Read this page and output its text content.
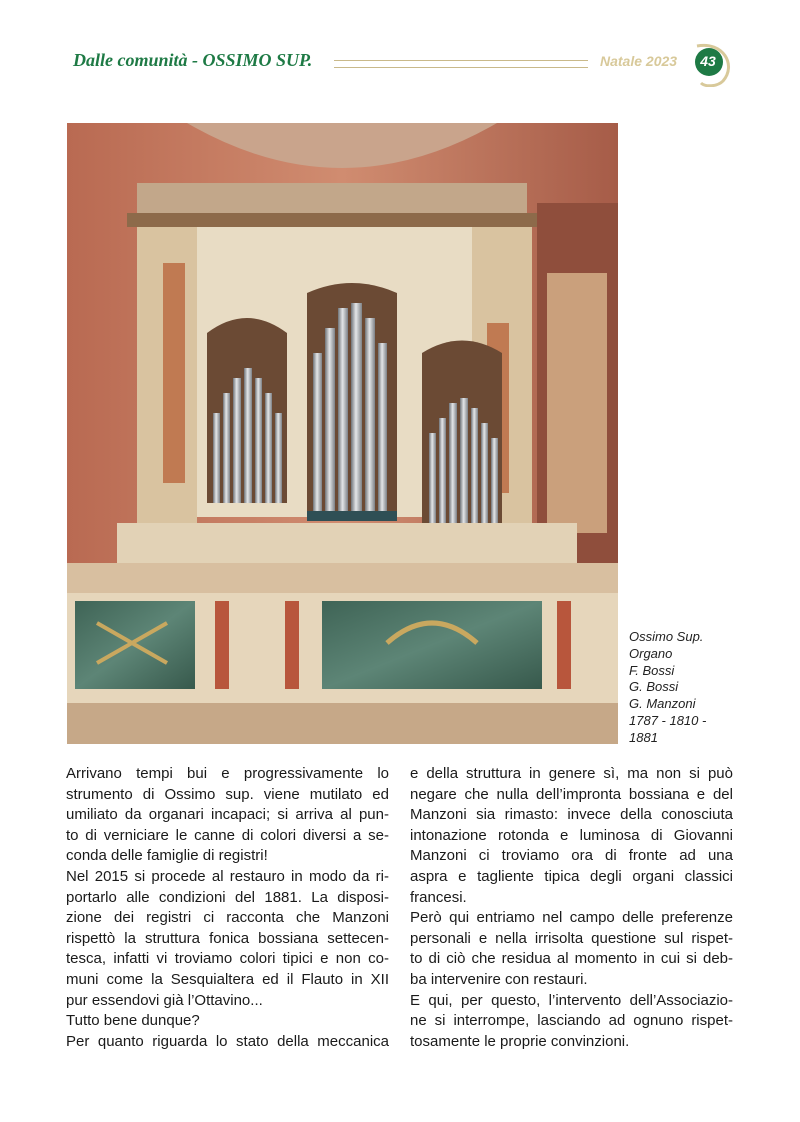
Dalle comunità - OSSIMO SUP.	Natale 2023	43
Ossimo Sup.
Organo
F. Bossi
G. Bossi
G. Manzoni
1787 - 1810 -
1881
Arrivano tempi bui e progressivamente lo
strumento di Ossimo sup. viene mutilato ed
umiliato da organari incapaci; si arriva al pun-
to di verniciare le canne di colori diversi a se-
conda delle famiglie di registri!
Nel 2015 si procede al restauro in modo da ri-
portarlo alle condizioni del 1881. La disposi-
zione dei registri ci racconta che Manzoni
rispettò la struttura fonica bossiana settecen-
tesca, infatti vi troviamo colori tipici e non co-
muni come la Sesquialtera ed il Flauto in XII
pur essendovi già l’Ottavino...
Tutto bene dunque?
Per quanto riguarda lo stato della meccanica
e della struttura in genere sì, ma non si può
negare che nulla dell’impronta bossiana e del
Manzoni sia rimasto: invece della conosciuta
intonazione rotonda e luminosa di Giovanni
Manzoni ci troviamo ora di fronte ad una
aspra e tagliente tipica degli organi classici
francesi.
Però qui entriamo nel campo delle preferenze
personali e nella irrisolta questione sul rispet-
to di ciò che residua al momento in cui si deb-
ba intervenire con restauri.
E qui, per questo, l’intervento dell’Associazio-
ne si interrompe, lasciando ad ognuno rispet-
tosamente le proprie convinzioni.
